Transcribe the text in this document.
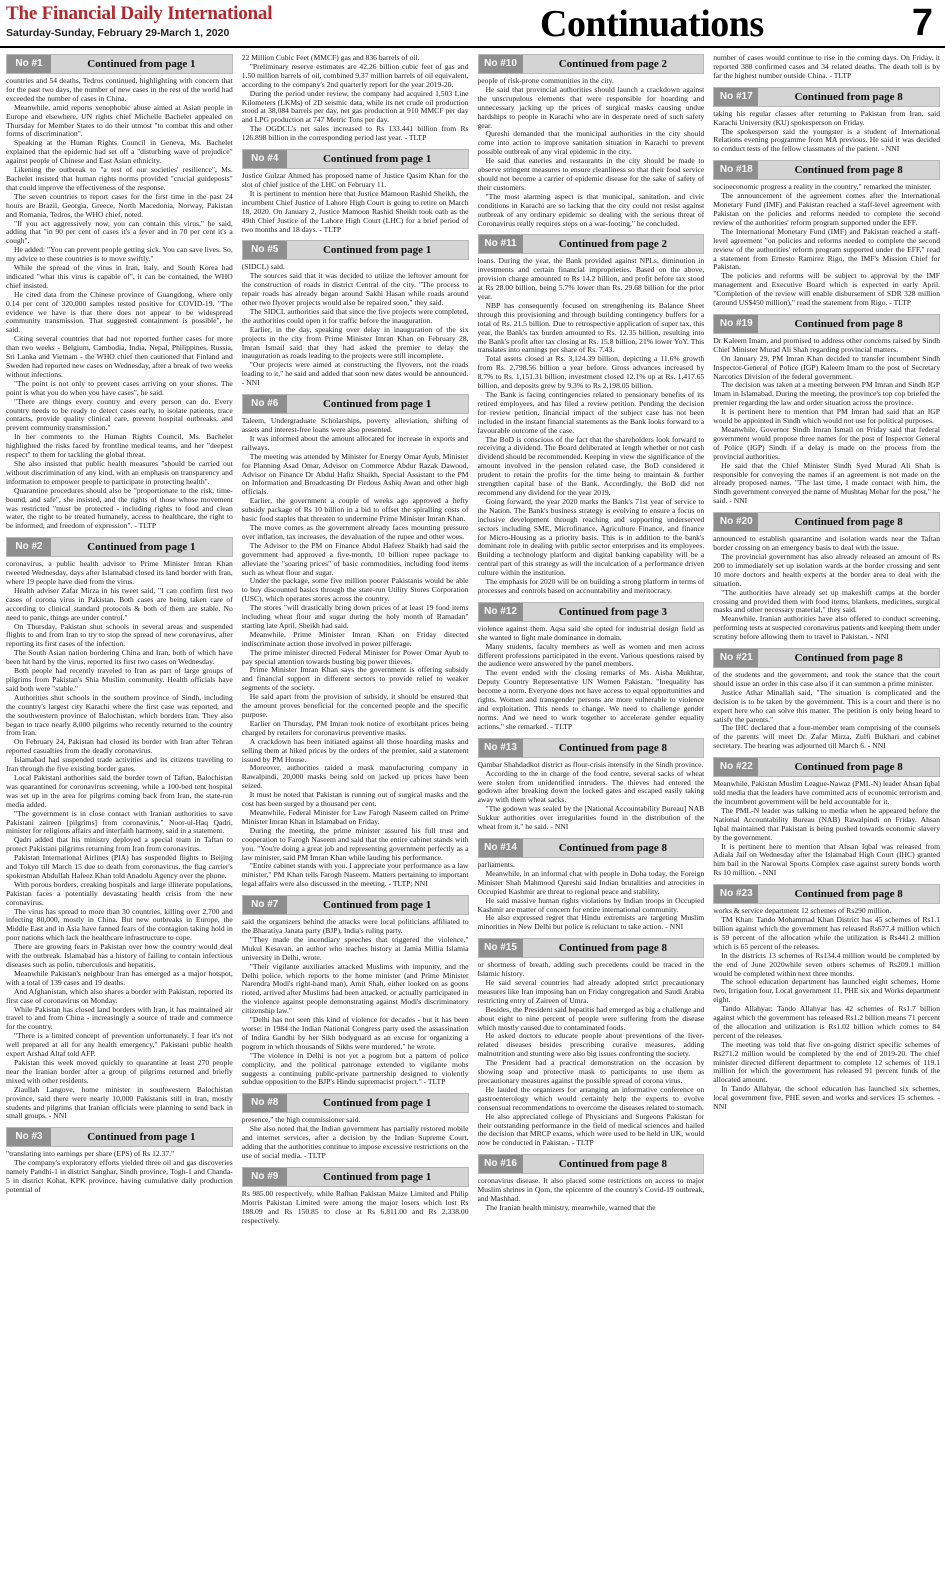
The Financial Daily International
Saturday-Sunday, February 29-March 1, 2020	Continuations	7
No #1	Continued from page 1

countries and 54 deaths, Tedros continued, highlighting with concern that for the past two days, the number of new cases in the rest of the world had exceeded the number of cases in China.

Meanwhile, amid reports xenophobic abuse aimed at Asian people in Europe and elsewhere, UN rights chief Michelle Bachelet appealed on Thursday for Member States to do their utmost "to combat this and other forms of discrimination".

Speaking at the Human Rights Council in Geneva, Ms. Bachelet explained that the epidemic had set off a "disturbing wave of prejudice" against people of Chinese and East Asian ethnicity.

Likening the outbreak to "a test of our societies' resilience", Ms. Bachelet insisted that human rights norms provided "crucial guideposts" that could improve the effectiveness of the response.

The seven countries to report cases for the first time in the past 24 hours are Brazil, Georgia, Greece, North Macedonia, Norway, Pakistan and Romania, Tedros, the WHO chief, noted.

"If you act aggressively now, you can contain this virus," he said, adding that "in 90 per cent of cases it's a fever and in 70 per cent it's a cough".

He added: "You can prevent people getting sick. You can save lives. So, my advice to these countries is to move swiftly."

While the spread of the virus in Iran, Italy, and South Korea had indicated "what this virus is capable of", it can be contained, the WHO chief insisted.

He cited data from the Chinese province of Guangdong, where only 0.14 per cent of 320,000 samples tested positive for COVID-19. "The evidence we have is that there does not appear to be widespread community transmission. That suggested containment is possible", he said.

Citing several countries that had not reported further cases for more than two weeks - Belgium, Cambodia, India, Nepal, Philippines, Russia, Sri Lanka and Vietnam - the WHO chief then cautioned that Finland and Sweden had reported new cases on Wednesday, after a break of two weeks without infections.

"The point is not only to prevent cases arriving on your shores. The point is what you do when you have cases", he said.

"There are things every country and every person can do. Every country needs to be ready to detect cases early, to isolate patients, trace contacts, provide quality clinical care, prevent hospital outbreaks, and prevent community transmission."

In her comments to the Human Rights Council, Ms. Bachelet highlighted the risks faced by frontline medical teams, and her "deepest respect" to them for tackling the global threat.

She also insisted that public health measures "should be carried out without discrimination of any kind, with an emphasis on transparency and information to empower people to participate in protecting health".

Quarantine procedures should also be "proportionate to the risk, time-bound, and safe", she insisted, and the rights of those whose movement was restricted "must be protected - including rights to food and clean water, the right to be treated humanely, access to healthcare, the right to be informed, and freedom of expression". - TLTP

No #2	Continued from page 1

coronavirus, a public health advisor to Prime Minister Imran Khan tweeted Wednesday, days after Islamabad closed its land border with Iran, where 19 people have died from the virus.

Health adviser Zafar Mirza in his tweet said, "I can confirm first two cases of corona virus in Pakistan. Both cases are being taken care of according to clinical standard protocols & both of them are stable. No need to panic, things are under control."

On Thursday, Pakistan shut schools in several areas and suspended flights to and from Iran to try to stop the spread of new coronavirus, after reporting its first cases of the infection.

The South Asian nation bordering China and Iran, both of which have been hit hard by the virus, reported its first two cases on Wednesday.

Both people had recently traveled to Iran as part of large groups of pilgrims from Pakistan's Shia Muslim community. Health officials have said both were "stable."

Authorities shut schools in the southern province of Sindh, including the country's largest city Karachi where the first case was reported, and the southwestern province of Balochistan, which borders Iran. They also began to trace nearly 8,000 pilgrims who recently returned to the country from Iran.

On February 24, Pakistan had closed its border with Iran after Tehran reported casualties from the deadly coronavirus.

Islamabad had suspended trade activities and its citizens traveling to Iran through the five existing border gates.

Local Pakistani authorities said the border town of Taftan, Balochistan was quarantined for coronavirus screening, while a 100-bed tent hospital was set up in the area for pilgrims coming back from Iran, the state-run media added.

"The government is in close contact with Iranian authorities to save Pakistani zaireen [pilgrims] from coronavirus," Noor-ul-Haq Qadri, minister for religious affairs and interfaith harmony, said in a statement.

Qadri added that his ministry deployed a special team in Taftan to protect Pakistani pilgrims returning from Iran from coronavirus.

Pakistan International Airlines (PIA) has suspended flights to Beijing and Tokyo till March 15 due to death from coronavirus, the flag carrier's spokesman Abdullah Hafeez Khan told Anadolu Agency over the phone.

With porous borders, creaking hospitals and large illiterate populations, Pakistan faces a potentially devastating health crisis from the new coronavirus.

The virus has spread to more than 30 countries, killing over 2,700 and infecting 80,000, mostly in China. But new outbreaks in Europe, the Middle East and in Asia have fanned fears of the contagion taking hold in poor nations which lack the healthcare infrastructure to cope.

There are growing fears in Pakistan over how the country would deal with the outbreak. Islamabad has a history of failing to contain infectious diseases such as polio, tuberculosis and hepatitis.

Meanwhile Pakistan's neighbour Iran has emerged as a major hotspot, with a total of 139 cases and 19 deaths.

And Afghanistan, which also shares a border with Pakistan, reported its first case of coronavirus on Monday.

While Pakistan has closed land borders with Iran, it has maintained air travel to and from China - increasingly a source of trade and commerce for the country.

"There is a limited concept of prevention unfortunately. I fear it's not well prepared at all for any health emergency," Pakistani public health expert Arshad Altaf told AFP.

Pakistan this week moved quickly to quarantine at least 270 people near the Iranian border after a group of pilgrims returned and briefly mixed with other residents.

Ziaullah Langove, home minister in southwestern Balochistan province, said there were nearly 10,000 Pakistanis still in Iran, mostly students and pilgrims that Iranian officials were planning to send back in small groups. - NNI

No #3	Continued from page 1

"translating into earnings per share (EPS) of Rs 12.37."

The company's exploratory efforts yielded three oil and gas discoveries namely Pandhi-1 in district Sanghar, Sindh province, Togh-1 and Chanda-5 in district Kohat, KPK province, having cumulative daily production potential of

22 Million Cubic Feet (MMCF) gas and 836 barrels of oil.

"Preliminary reserve estimates are 42.26 billion cubic feet of gas and 1.50 million barrels of oil, combined 9.37 million barrels of oil equivalent, according to the company's 2nd quarterly report for the year 2019-20.

During the period under review, the company had acquired 1,503 Line Kilometers (LKMs) of 2D seismic data, while its net crude oil production stood at 38,084 barrels per day, net gas production at 910 MMCF per day and LPG production at 747 Metric Tons per day.

The OGDCL's net sales increased to Rs 133.441 billion from Rs 126.898 billion in the corresponding period last year. - TLTP

No #4	Continued from page 1

Justice Gulzar Ahmed has proposed name of Justice Qasim Khan for the slot of chief justice of the LHC on February 11.

It is pertinent to mention here that Justice Mamoon Rashid Sheikh, the incumbent Chief Justice of Lahore High Court is going to retire on March 18, 2020. On January 2, Justice Mamoon Rashid Sheikh took oath as the 49th Chief Justice of the Lahore High Court (LHC) for a brief period of two months and 18 days. - TLTP

No #5	Continued from page 1

(SIDCL) said.

The sources said that it was decided to utilize the leftover amount for the construction of roads in district Central of the city. "The process to repair roads has already began around Sakhi Hasan while roads around other two flyover projects would also be repaired soon," they said.

The SIDCL authorities said that since the five projects were completed, the authorities could open it for traffic before the inauguration.

Earlier, in the day, speaking over delay in inauguration of the six projects in the city from Prime Minister Imran Khan on February 28, Imran Ismail said that they had asked the premier to delay the inauguration as roads leading to the projects were still incomplete.

"Our projects were aimed at constructing the flyovers, not the roads leading to it," he said and added that soon new dates would be announced. - NNI

No #6	Continued from page 1

Taleem, Undergraduate Scholarships, poverty alleviation, shifting of assets and interest-free loans were also presented.

It was informed about the amount allocated for increase in exports and railways.

The meeting was attended by Minister for Energy Omar Ayub, Minister for Planning Asad Omar, Advisor on Commerce Abdur Razak Dawood, Advisor on Finance Dr Abdul Hafiz Shaikh, Special Assistant to the PM on Information and Broadcasting Dr Firdous Ashiq Awan and other high officials.

Earlier, the government a couple of weeks ago approved a hefty subsidy package of Rs 10 billion in a bid to offset the spiralling costs of basic food staples that threaten to undermine Prime Minister Imran Khan.

The move comes as the government already faces mounting pressure over inflation, tax increases, the devaluation of the rupee and other woes.

The Advisor to the PM on Finance Abdul Hafeez Shaikh had said the government had approved a five-month, 10 billion rupee package to alleviate the "soaring prices" of basic commodities, including food items such as wheat flour and sugar.

Under the package, some five million poorer Pakistanis would be able to buy discounted basics through the state-run Utility Stores Corporation (USC), which operates stores across the country.

The stores "will drastically bring down prices of at least 19 food items including wheat flour and sugar during the holy month of Ramadan" starting late April, Sheikh had said.

Meanwhile, Prime Minister Imran Khan on Friday directed indiscriminate action those involved in power pilferage.

The prime minister directed Federal Minister for Power Omar Ayub to pay special attention towards busting big power thieves.

Prime Minister Imran Khan says the government is offering subsidy and financial support in different sectors to provide relief to weaker segments of the society.

He said apart from the provision of subsidy, it should be ensured that the amount proves beneficial for the concerned people and the specific purpose.

Earlier on Thursday, PM Imran took notice of exorbitant prices being charged by retailers for coronavirus preventive masks.

A crackdown has been initiated against all those hoarding masks and selling them at hiked prices by the orders of the premier, said a statement issued by PM House.

Moreover, authorities raided a mask manufacturing company in Rawalpindi, 20,000 masks being sold on jacked up prices have been seized.

It must be noted that Pakistan is running out of surgical masks and the cost has been surged by a thousand per cent.

Meanwhile, Federal Minister for Law Farogh Naseem called on Prime Minister Imran Khan in Islamabad on Friday.

During the meeting, the prime minister assured his full trust and cooperation to Farogh Naseem and said that the entire cabinet stands with you. "You're doing a great job and representing government perfectly as a law minister, said PM Imran Khan while lauding his performance.

"Entire cabinet stands with you. I appreciate your performance as a law minister," PM Khan tells Farogh Naseem. Matters pertaining to important legal affairs were also discussed in the meeting. - TLTP; NNI

No #7	Continued from page 1

said the organizers behind the attacks were local politicians affiliated to the Bharatiya Janata party (BJP), India's ruling party.

"They made the incendiary speeches that triggered the violence," Mukul Kesavan, an author who teaches history at Jamia Millia Islamia university in Delhi, wrote.

"Their vigilante auxiliaries attacked Muslims with impunity, and the Delhi police, which reports to the home minister (and Prime Minister Narendra Modi's right-hand man), Amit Shah, either looked on as goons rioted, arrived after Muslims had been attacked, or actually participated in the violence against people demonstrating against Modi's discriminatory citizenship law."

"Delhi has not seen this kind of violence for decades - but it has been worse: in 1984 the Indian National Congress party used the assassination of Indira Gandhi by her Sikh bodyguard as an excuse for organizing a pogrom in which thousands of Sikhs were murdered," he wrote.

"The violence in Delhi is not yet a pogrom but a pattern of police complicity, and the political patronage extended to vigilante mobs suggests a continuing public-private partnership designed to violently subdue opposition to the BJP's Hindu supremacist project." - TLTP

No #8	Continued from page 1

presence," the high commissioner said.

She also noted that the Indian government has partially restored mobile and internet services, after a decision by the Indian Supreme Court, adding that the authorities continue to impose excessive restrictions on the use of social media. - TLTP

No #9	Continued from page 1

Rs 985.00 respectively, while Rafhan Pakistan Maize Limited and Philip Morris Pakistan Limited were among the major losers which lost Rs 188.09 and Rs 150.85 to close at Rs 6,811.00 and Rs 2,338.00 respectively.

No #10	Continued from page 2

people of risk-prone communities in the city.

He said that provincial authorities should launch a crackdown against the unscrupulous elements that were responsible for hoarding and unnecessary jacking up the prices of surgical masks causing undue hardships to people in Karachi who are in desperate need of such safety gear.

Qureshi demanded that the municipal authorities in the city should come into action to improve sanitation situation in Karachi to prevent possible outbreak of any viral epidemic in the city.

He said that eateries and restaurants in the city should be made to observe stringent measures to ensure cleanliness so that their food service should not become a carrier of epidemic disease for the sake of safety of their customers.

"The most alarming aspect is that municipal, sanitation, and civic conditions in Karachi are so lacking that the city could not resist against outbreak of any ordinary epidemic so dealing with the serious threat of Coronavirus really requires steps on a war-footing," he concluded.

No #11	Continued from page 2

loans. During the year, the Bank provided against NPLs, diminution in investments and certain financial improprieties. Based on the above, provision charge amounted to Rs 14.2 billion, and profit before tax stood at Rs 28.00 billion, being 5.7% lower than Rs. 29.68 billion for the prior year.

NBP has consequently focused on strengthening its Balance Sheet through this provisioning and through building contingency buffers for a total of Rs. 21.5 billion. Due to retrospective application of super tax, this year, the Bank's tax burden amounted to Rs. 12.35 billion, resulting into the Bank's profit after tax closing at Rs. 15.8 billion, 21% lower YoY. This translates into earnings per share of Rs. 7.43.

Total assets closed at Rs. 3,124.39 billion, depicting a 11.6% growth from Rs. 2,798.56 billion a year before. Gross advances increased by 8.7% to Rs. 1,151.31 billion, investment closed 12.1% up at Rs. 1,417.65 billion, and deposits grew by 9.3% to Rs 2,198.05 billion.

The Bank is facing contingencies related to pensionary benefits of its retired employees, and has filed a review petition. Pending the decision for review petition, financial impact of the subject case has not been included in the instant financial statements as the Bank looks forward to a favourable outcome of the case.

The BoD is conscious of the fact that the shareholders look forward to receiving a dividend. The Board deliberated at length whether or not cash dividend should be recommended. Keeping in view the significance of the amount involved in the pension related case, the BoD considered it prudent to retain the profits for the time being to maintain & further strengthen capital base of the Bank. Accordingly, the BoD did not recommend any dividend for the year 2019.

Going forward, the year 2020 marks the Bank's 71st year of service to the Nation. The Bank's business strategy is evolving to ensure a focus on inclusive development through reaching and supporting underserved sectors including SME, Microfinance, Agriculture Finance, and finance for Micro-Housing as a priority basis. This is in addition to the bank's dominant role in dealing with public sector enterprises and its employees. Building a technology platform and digital banking capability will be a central part of this strategy as will the inculcation of a performance driven culture within the institution.

The emphasis for 2020 will be on building a strong platform in terms of processes and controls based on accountability and meritocracy.

No #12	Continued from page 3

violence against them. Aqsa said she opted for industrial design field as she wanted to fight male dominance in domain.

Many students, faculty members as well as women and men across different professions participated in the event. Various questions raised by the audience were answered by the panel members.

The event ended with the closing remarks of Ms. Aisha Mukhtar, Deputy Country Representative UN Women Pakistan. "Inequality has become a norm. Everyone does not have access to equal opportunities and rights. Women and transgender persons are more vulnerable to violence and exploitation. This needs to change. We need to challenge gender norms. And we need to work together to accelerate gender equality actions," she remarked. - TLTP

No #13	Continued from page 8

Qambar Shahdadkot district as flour-crisis intensify in the Sindh province.

According to the in charge of the food centre, several sacks of wheat were stolen from unidentified intruders. The thieves had entered the godown after breaking down the locked gates and escaped easily taking away with them wheat sacks.

"The godown was sealed by the [National Accountability Bureau] NAB Sukkur authorities over irregularities found in the distribution of the wheat from it," he said. - NNI

No #14	Continued from page 8

parliaments.

Meanwhile, in an informal chat with people in Doha today, the Foreign Minister Shah Mahmood Qureshi said Indian brutalities and atrocities in Occupied Kashmir are threat to regional peace and stability.

He said massive human rights violations by Indian troops in Occupied Kashmir are matter of concern for entire international community.

He also expressed regret that Hindu extremists are targeting Muslim minorities in New Delhi but police is reluctant to take action. - NNI

No #15	Continued from page 8

or shortness of breath, adding such precedents could be traced in the Islamic history.

He said several countries had already adopted strict precautionary measures like Iran imposing ban on Friday congregation and Saudi Arabia restricting entry of Zaireen of Umra.

Besides, the President said hepatitis had emerged as big a challenge and about eight to nine percent of people were suffering from the disease which mostly caused due to contaminated foods.

He asked doctors to educate people about preventions of the liver-related diseases besides prescribing curative measures, adding malnutrition and stunting were also big issues confronting the society.

The President had a practical demonstration on the occasion by showing soap and protective mask to participants to use them as precautionary measures against the possible spread of corona virus.

He lauded the organizers for arranging an informative conference on gastroenterology which would certainly help the experts to evolve consensual recommendations to overcome the diseases related to stomach.

He also appreciated college of Physicians and Surgeons Pakistan for their outstanding performance in the field of medical sciences and hailed the decision that MRCP exams, which were used to be held in UK, would now be conducted in Pakistan. - TLTP

No #16	Continued from page 8

coronavirus disease. It also placed some restrictions on access to major Muslim shrines in Qom, the epicentre of the country's Covid-19 outbreak, and Mashhad.

The Iranian health ministry, meanwhile, warned that the

number of cases would continue to rise in the coming days. On Friday, it reported 388 confirmed cases and 34 related deaths. The death toll is by far the highest number outside China. - TLTP

No #17	Continued from page 8

taking his regular classes after returning to Pakistan from Iran, said Karachi University (KU) spokesperson on Friday.

The spokesperson said the youngster is a student of International Relations evening programme from MA previous. He said it was decided to conduct tests of the fellow classmates of the patient. - NNI

No #18	Continued from page 8

socioeconomic progress a reality in the country," remarked the minister.

The announcement of the agreement comes after the International Monetary Fund (IMF) and Pakistan reached a staff-level agreement with Pakistan on the policies and reforms needed to complete the second review of the authorities' reform program supported under the EFF.

The International Monetary Fund (IMF) and Pakistan reached a staff-level agreement "on policies and reforms needed to complete the second review of the authorities' reform program supported under the EFF," read a statement from Ernesto Ramirez Rigo, the IMF's Mission Chief for Pakistan.

The policies and reforms will be subject to approval by the IMF management and Executive Board which is expected in early April. "Completion of the review will enable disbursement of SDR 328 million (around US$450 million)," read the statement from Rigo. - TLTP

No #19	Continued from page 8

Dr Kaleem Imam, and promised to address other concerns raised by Sindh Chief Minister Murad Ali Shah regarding provincial matters.

On January 29, PM Imran Khan decided to transfer incumbent Sindh Inspector-General of Police (IGP) Kaleem Imam to the post of Secretary Narcotics Division of the federal government.

The decision was taken at a meeting between PM Imran and Sindh IGP Imam in Islamabad. During the meeting, the province's top cop briefed the premier regarding the law and order situation across the province.

It is pertinent here to mention that PM Imran had said that an IGP would be appointed in Sindh which would not use for political purposes.

Meanwhile, Governor Sindh Imran Ismail on Friday said that federal government would propose three names for the post of Inspector General of Police (IGP) Sindh if a delay is made on the process from the provincial authorities.

He said that the Chief Minister Sindh Syed Murad Ali Shah is responsible for conveying the names if an agreement is not made on the already proposed names. "The last time, I made contact with him, the Sindh government conveyed the name of Mushtaq Mehar for the post," he said. - NNI

No #20	Continued from page 8

announced to establish quarantine and isolation wards near the Taftan border crossing on an emergency basis to deal with the issue.

The provincial government has also already released an amount of Rs 200 to immediately set up isolation wards at the border crossing and sent 10 more doctors and health experts at the border area to deal with the situation.

"The authorities have already set up makeshift camps at the border crossing and provided them with food items, blankets, medicines, surgical masks and other necessary material," they said.

Meanwhile, Iranian authorities have also offered to conduct screening, performing tests at suspected coronavirus patients and keeping them under scrutiny before allowing them to travel to Pakistan. - NNI

No #21	Continued from page 8

of the students and the government, and took the stance that the court should issue an order in this case also if it can summon a prime minister.

Justice Athar Minallah said, "The situation is complicated and the decision is to be taken by the government. This is a court and there is no expert here who can solve this matter. The petition is only being heard to satisfy the parents."

The IHC declared that a four-member team comprising of the counsels of the parents will meet Dr. Zafar Mirza, Zulfi Bukhari and cabinet secretary. The hearing was adjourned till March 6. - NNI

No #22	Continued from page 8

Meanwhile, Pakistan Muslim League-Nawaz (PML-N) leader Ahsan Iqbal told media that the leaders have committed acts of economic terrorism and the incumbent government will be held accountable for it.

The PML-N leader was talking to media when he appeared before the National Accountability Bureau (NAB) Rawalpindi on Friday. Ahsan Iqbal maintained that Pakistan is being pushed towards economic slavery by the government.

It is pertinent here to mention that Ahsan Iqbal was released from Adiala Jail on Wednesday after the Islamabad High Court (IHC) granted him bail in the Narowal Sports Complex case against surety bonds worth Rs 10 million. - NNI

No #23	Continued from page 8

works & service department 12 schemes of Rs290 million.

TM Khan: Tando Mohammad Khan District has 45 schemes of Rs1.1 billion against which the government has released Rs677.4 million which is 59 percent of the allocation while the utilization is Rs441.2 million which is 65 percent of the releases.

In the districts 13 schemes of Rs134.4 million would be completed by the end of June 2020while seven others schemes of Rs209.1 million would be completed within next three months.

The school education department has launched eight schemes, Home two, Irrigation four, Local government 11, PHE six and Works department eight.

Tando Allahyar: Tando Allahyar has 42 schemes of Rs1.7 billion against which the government has released Rs1.2 billion means 71 percent of the allocation and utilization is Rs1.02 billion which comes to 84 percent of the releases.

The meeting was told that five on-going district specific schemes of Rs271.2 million would be completed by the end of 2019-20. The chief minister directed different department to complete 12 schemes of 119.1 million for which the government has released 91 percent funds of the allocated amount.

In Tando Allahyar, the school education has launched six schemes, local government five, PHE seven and works and services 15 schemes. - NNI
